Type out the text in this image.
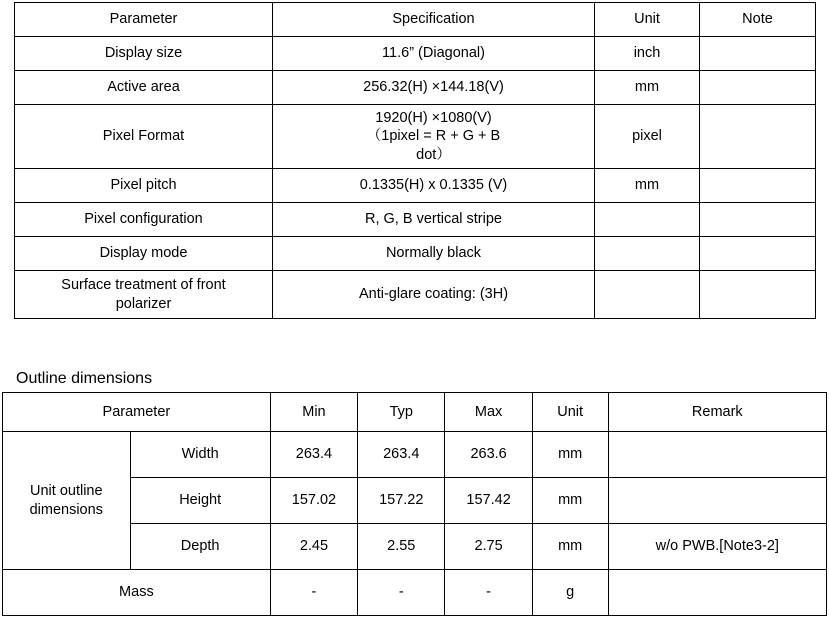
Parameter	Specification	Unit	Note
Display size	11.6” (Diagonal)	inch	
Active area	256.32(H) ×144.18(V)	mm	
Pixel Format	1920(H) ×1080(V)
（1pixel = R + G + B
dot）	pixel	
Pixel pitch	0.1335(H) x 0.1335 (V)	mm	
Pixel configuration	R, G, B vertical stripe		
Display mode	Normally black		
Surface treatment of front
polarizer	Anti-glare coating: (3H)		
Outline dimensions
Parameter		Min	Typ	Max	Unit	Remark
Unit outline dimensions	Width	263.4	263.4	263.6	mm	
	Height	157.02	157.22	157.42	mm	
	Depth	2.45	2.55	2.75	mm	w/o PWB.[Note3-2]
Mass		-	-	-	g	
